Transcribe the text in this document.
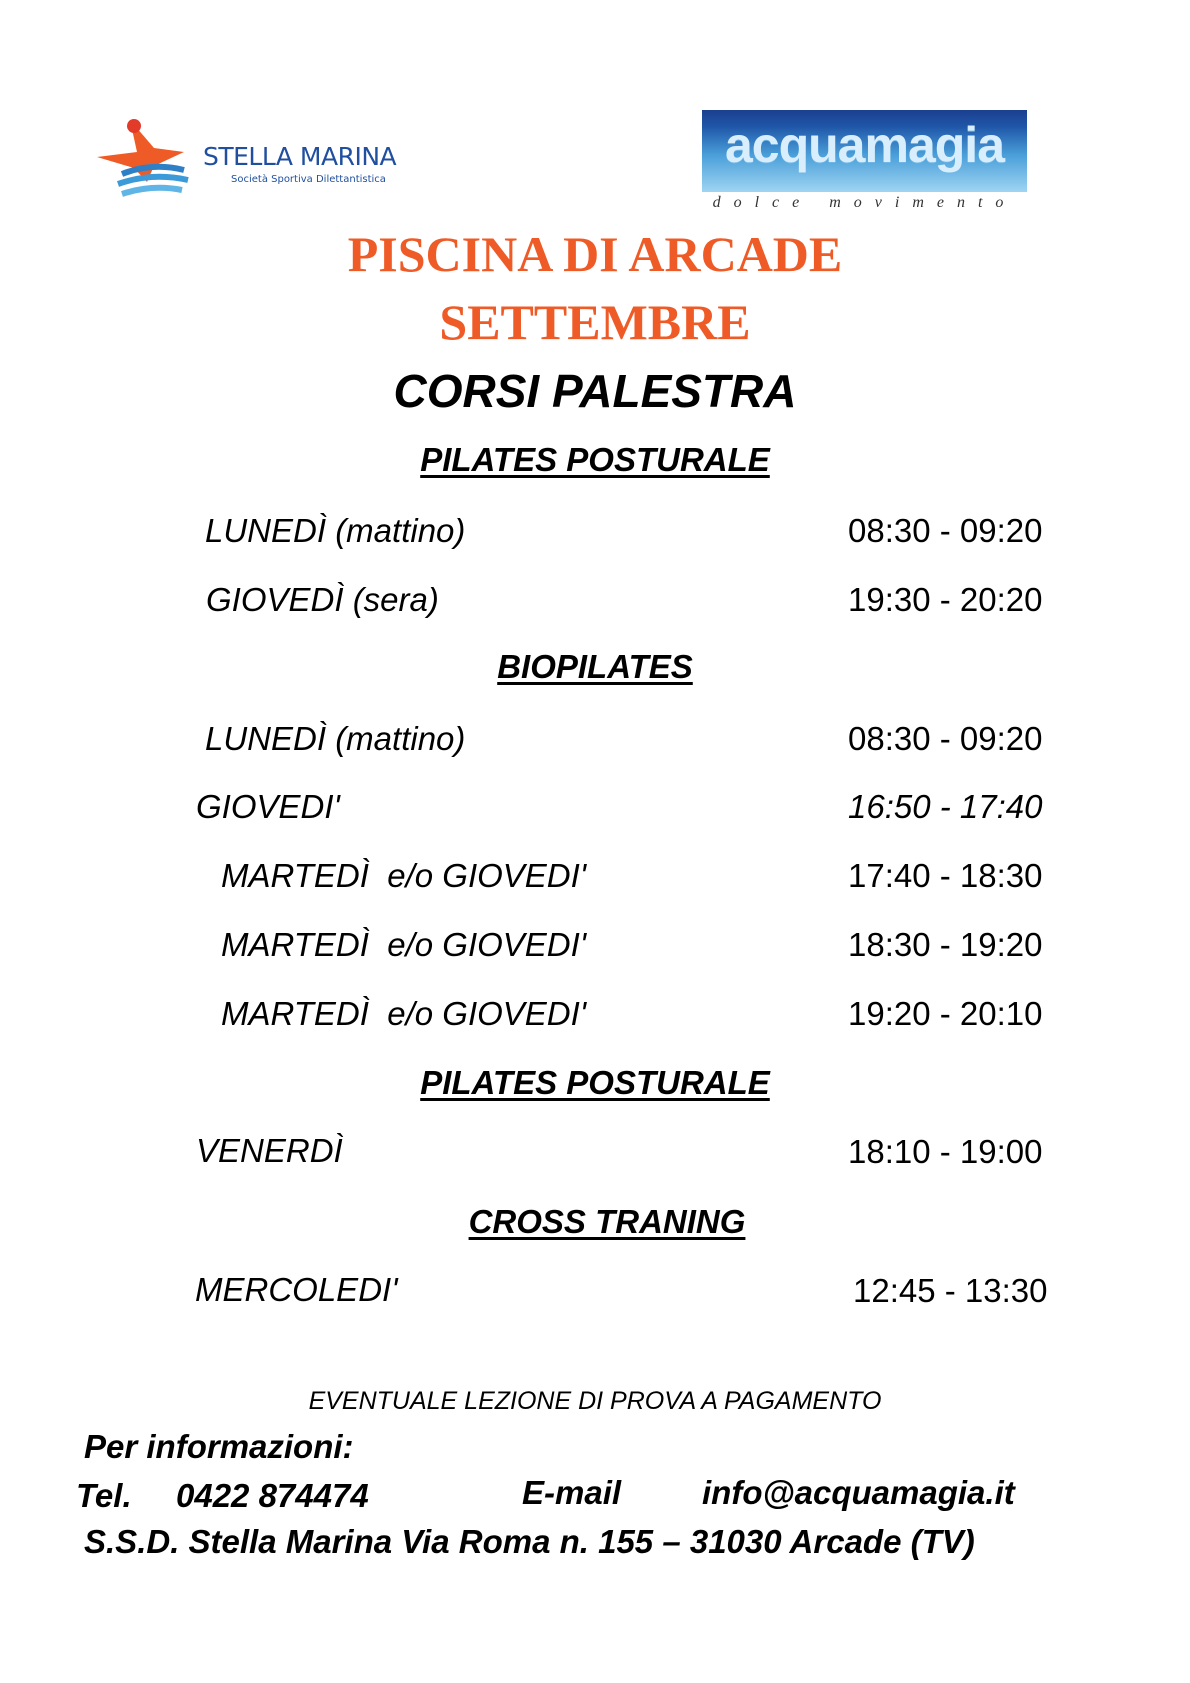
STELLA MARINA
Società Sportiva Dilettantistica
acquamagia
dolce movimento
PISCINA DI ARCADE
SETTEMBRE
CORSI PALESTRA
PILATES POSTURALE
LUNEDÌ (mattino)	08:30 - 09:20
GIOVEDÌ (sera)	19:30 - 20:20
BIOPILATES
LUNEDÌ (mattino)	08:30 - 09:20
GIOVEDI'	16:50 - 17:40
MARTEDÌ  e/o GIOVEDI'	17:40 - 18:30
MARTEDÌ  e/o GIOVEDI'	18:30 - 19:20
MARTEDÌ  e/o GIOVEDI'	19:20 - 20:10
PILATES POSTURALE
VENERDÌ	18:10 - 19:00
CROSS TRANING
MERCOLEDI'	12:45 - 13:30
EVENTUALE LEZIONE DI PROVA A PAGAMENTO
Per informazioni:
Tel. 0422 874474	E-mail info@acquamagia.it
S.S.D. Stella Marina Via Roma n. 155 – 31030 Arcade (TV)
